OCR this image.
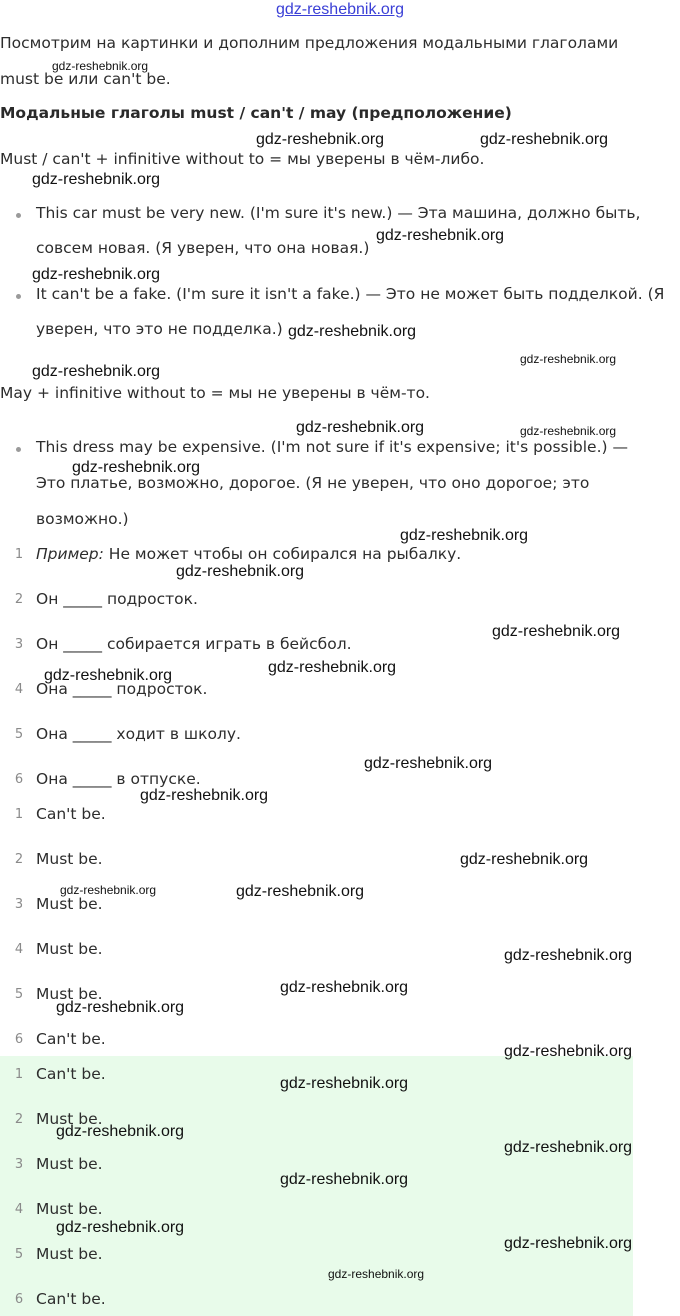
gdz-reshebnik.org
Посмотрим на картинки и дополним предложения модальными глаголами
must be или can't be.
Модальные глаголы must / can't / may (предположение)
Must / can't + infinitive without to = мы уверены в чём-либо.
This car must be very new. (I'm sure it's new.) — Эта машина, должно быть,
совсем новая. (Я уверен, что она новая.)
It can't be a fake. (I'm sure it isn't a fake.) — Это не может быть подделкой. (Я
уверен, что это не подделка.)
May + infinitive without to = мы не уверены в чём-то.
This dress may be expensive. (I'm not sure if it's expensive; it's possible.) —
Это платье, возможно, дорогое. (Я не уверен, что оно дорогое; это
возможно.)
1 Пример: Не может чтобы он собирался на рыбалку.
2 Он _____ подросток.
3 Он _____ собирается играть в бейсбол.
4 Она _____ подросток.
5 Она _____ ходит в школу.
6 Она _____ в отпуске.
1 Can't be.
2 Must be.
3 Must be.
4 Must be.
5 Must be.
6 Can't be.
1 Can't be.
2 Must be.
3 Must be.
4 Must be.
5 Must be.
6 Can't be.
gdz-reshebnik.org
gdz-reshebnik.org	gdz-reshebnik.org
gdz-reshebnik.org
gdz-reshebnik.org
gdz-reshebnik.org
gdz-reshebnik.org
gdz-reshebnik.org
gdz-reshebnik.org
gdz-reshebnik.org	gdz-reshebnik.org
gdz-reshebnik.org
gdz-reshebnik.org
gdz-reshebnik.org
gdz-reshebnik.org
gdz-reshebnik.org
gdz-reshebnik.org
gdz-reshebnik.org
gdz-reshebnik.org
gdz-reshebnik.org
gdz-reshebnik.org	gdz-reshebnik.org
gdz-reshebnik.org
gdz-reshebnik.org
gdz-reshebnik.org
gdz-reshebnik.org
gdz-reshebnik.org
gdz-reshebnik.org
gdz-reshebnik.org
gdz-reshebnik.org
gdz-reshebnik.org
gdz-reshebnik.org
gdz-reshebnik.org
